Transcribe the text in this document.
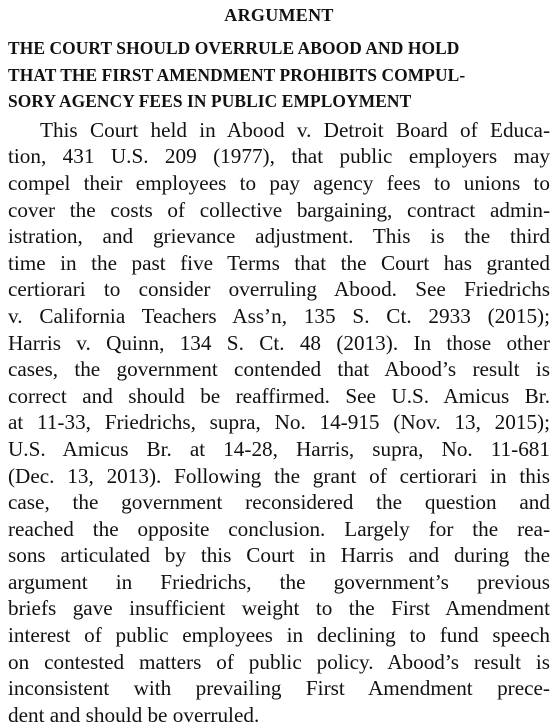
ARGUMENT
THE COURT SHOULD OVERRULE ABOOD AND HOLD
THAT THE FIRST AMENDMENT PROHIBITS COMPUL-
SORY AGENCY FEES IN PUBLIC EMPLOYMENT
This Court held in Abood v. Detroit Board of Educa-
tion, 431 U.S. 209 (1977), that public employers may
compel their employees to pay agency fees to unions to
cover the costs of collective bargaining, contract admin-
istration, and grievance adjustment. This is the third
time in the past five Terms that the Court has granted
certiorari to consider overruling Abood. See Friedrichs
v. California Teachers Ass’n, 135 S. Ct. 2933 (2015);
Harris v. Quinn, 134 S. Ct. 48 (2013). In those other
cases, the government contended that Abood’s result is
correct and should be reaffirmed. See U.S. Amicus Br.
at 11-33, Friedrichs, supra, No. 14-915 (Nov. 13, 2015);
U.S. Amicus Br. at 14-28, Harris, supra, No. 11-681
(Dec. 13, 2013). Following the grant of certiorari in this
case, the government reconsidered the question and
reached the opposite conclusion. Largely for the rea-
sons articulated by this Court in Harris and during the
argument in Friedrichs, the government’s previous
briefs gave insufficient weight to the First Amendment
interest of public employees in declining to fund speech
on contested matters of public policy. Abood’s result is
inconsistent with prevailing First Amendment prece-
dent and should be overruled.
